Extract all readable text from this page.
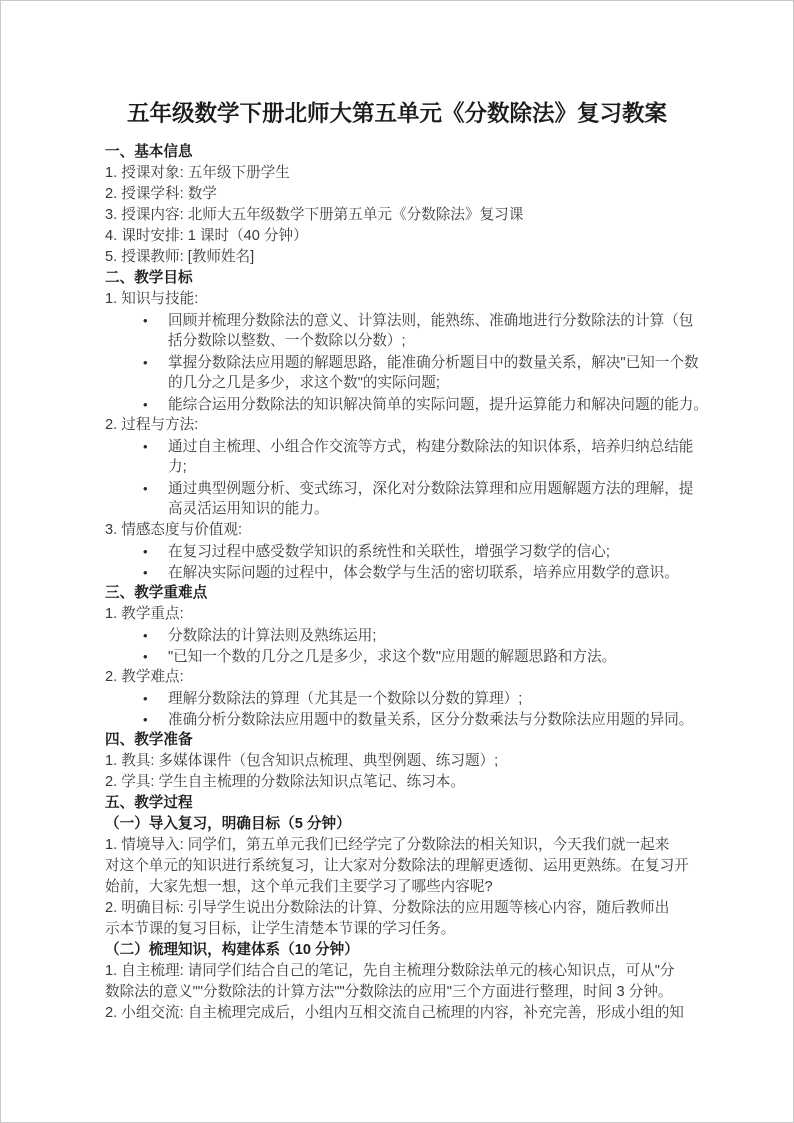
五年级数学下册北师大第五单元《分数除法》复习教案
一、基本信息
1. 授课对象: 五年级下册学生
2. 授课学科: 数学
3. 授课内容: 北师大五年级数学下册第五单元《分数除法》复习课
4. 课时安排: 1 课时（40 分钟）
5. 授课教师: [教师姓名]
二、教学目标
1. 知识与技能:
• 回顾并梳理分数除法的意义、计算法则，能熟练、准确地进行分数除法的计算（包
括分数除以整数、一个数除以分数）;
• 掌握分数除法应用题的解题思路，能准确分析题目中的数量关系，解决"已知一个数
的几分之几是多少，求这个数"的实际问题;
• 能综合运用分数除法的知识解决简单的实际问题，提升运算能力和解决问题的能力。
2. 过程与方法:
• 通过自主梳理、小组合作交流等方式，构建分数除法的知识体系，培养归纳总结能
力;
• 通过典型例题分析、变式练习，深化对分数除法算理和应用题解题方法的理解，提
高灵活运用知识的能力。
3. 情感态度与价值观:
• 在复习过程中感受数学知识的系统性和关联性，增强学习数学的信心;
• 在解决实际问题的过程中，体会数学与生活的密切联系，培养应用数学的意识。
三、教学重难点
1. 教学重点:
• 分数除法的计算法则及熟练运用;
• "已知一个数的几分之几是多少，求这个数"应用题的解题思路和方法。
2. 教学难点:
• 理解分数除法的算理（尤其是一个数除以分数的算理）;
• 准确分析分数除法应用题中的数量关系，区分分数乘法与分数除法应用题的异同。
四、教学准备
1. 教具: 多媒体课件（包含知识点梳理、典型例题、练习题）;
2. 学具: 学生自主梳理的分数除法知识点笔记、练习本。
五、教学过程
（一）导入复习，明确目标（5 分钟）
1. 情境导入: 同学们，第五单元我们已经学完了分数除法的相关知识，今天我们就一起来
对这个单元的知识进行系统复习，让大家对分数除法的理解更透彻、运用更熟练。在复习开
始前，大家先想一想，这个单元我们主要学习了哪些内容呢?
2. 明确目标: 引导学生说出分数除法的计算、分数除法的应用题等核心内容，随后教师出
示本节课的复习目标，让学生清楚本节课的学习任务。
（二）梳理知识，构建体系（10 分钟）
1. 自主梳理: 请同学们结合自己的笔记，先自主梳理分数除法单元的核心知识点，可从"分
数除法的意义""分数除法的计算方法""分数除法的应用"三个方面进行整理，时间 3 分钟。
2. 小组交流: 自主梳理完成后，小组内互相交流自己梳理的内容，补充完善，形成小组的知
